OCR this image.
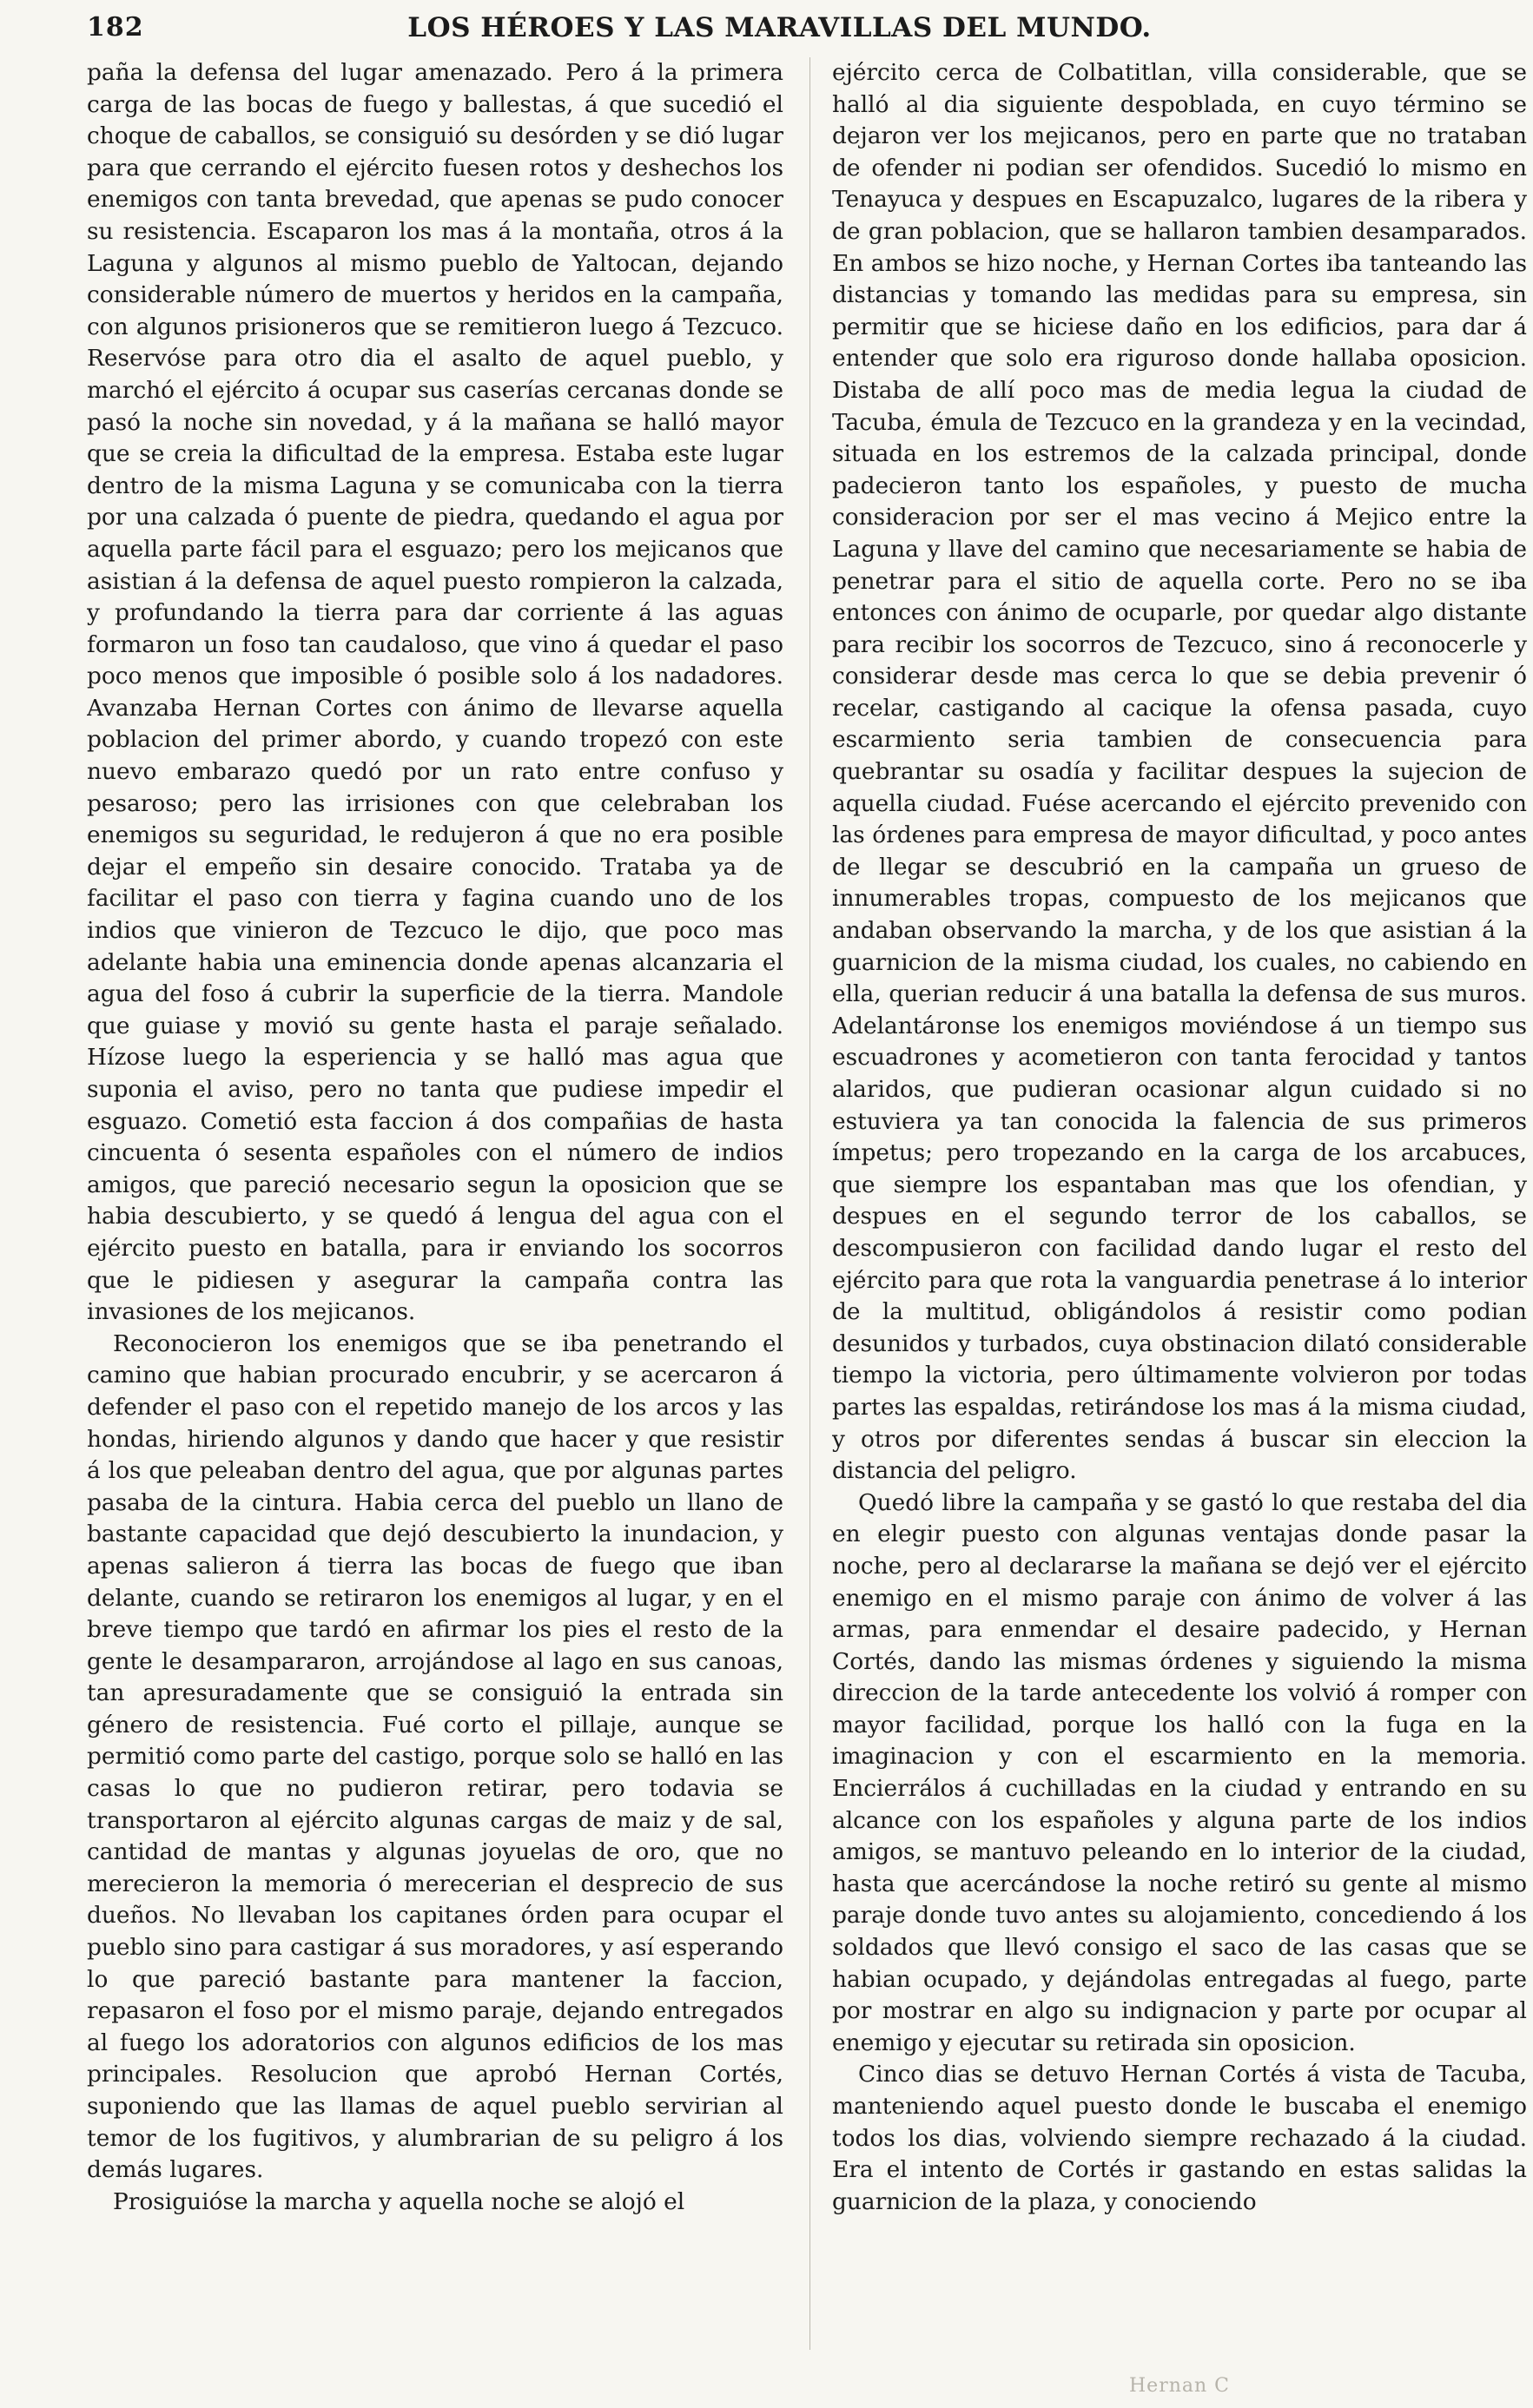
182	LOS HÉROES Y LAS MARAVILLAS DEL MUNDO.

paña la defensa del lugar amenazado. Pero á la primera carga de las bocas de fuego y ballestas, á que sucedió el choque de caballos, se consiguió su desórden y se dió lugar para que cerrando el ejército fuesen rotos y deshechos los enemigos con tanta brevedad, que apenas se pudo conocer su resistencia. Escaparon los mas á la montaña, otros á la Laguna y algunos al mismo pueblo de Yaltocan, dejando considerable número de muertos y heridos en la campaña, con algunos prisioneros que se remitieron luego á Tezcuco. Reservóse para otro dia el asalto de aquel pueblo, y marchó el ejército á ocupar sus caserías cercanas donde se pasó la noche sin novedad, y á la mañana se halló mayor que se creia la dificultad de la empresa. Estaba este lugar dentro de la misma Laguna y se comunicaba con la tierra por una calzada ó puente de piedra, quedando el agua por aquella parte fácil para el esguazo; pero los mejicanos que asistian á la defensa de aquel puesto rompieron la calzada, y profundando la tierra para dar corriente á las aguas formaron un foso tan caudaloso, que vino á quedar el paso poco menos que imposible ó posible solo á los nadadores. Avanzaba Hernan Cortes con ánimo de llevarse aquella poblacion del primer abordo, y cuando tropezó con este nuevo embarazo quedó por un rato entre confuso y pesaroso; pero las irrisiones con que celebraban los enemigos su seguridad, le redujeron á que no era posible dejar el empeño sin desaire conocido. Trataba ya de facilitar el paso con tierra y fagina cuando uno de los indios que vinieron de Tezcuco le dijo, que poco mas adelante habia una eminencia donde apenas alcanzaria el agua del foso á cubrir la superficie de la tierra. Mandole que guiase y movió su gente hasta el paraje señalado. Hízose luego la esperiencia y se halló mas agua que suponia el aviso, pero no tanta que pudiese impedir el esguazo. Cometió esta faccion á dos compañias de hasta cincuenta ó sesenta españoles con el número de indios amigos, que pareció necesario segun la oposicion que se habia descubierto, y se quedó á lengua del agua con el ejército puesto en batalla, para ir enviando los socorros que le pidiesen y asegurar la campaña contra las invasiones de los mejicanos.

Reconocieron los enemigos que se iba penetrando el camino que habian procurado encubrir, y se acercaron á defender el paso con el repetido manejo de los arcos y las hondas, hiriendo algunos y dando que hacer y que resistir á los que peleaban dentro del agua, que por algunas partes pasaba de la cintura. Habia cerca del pueblo un llano de bastante capacidad que dejó descubierto la inundacion, y apenas salieron á tierra las bocas de fuego que iban delante, cuando se retiraron los enemigos al lugar, y en el breve tiempo que tardó en afirmar los pies el resto de la gente le desampararon, arrojándose al lago en sus canoas, tan apresuradamente que se consiguió la entrada sin género de resistencia. Fué corto el pillaje, aunque se permitió como parte del castigo, porque solo se halló en las casas lo que no pudieron retirar, pero todavia se transportaron al ejército algunas cargas de maiz y de sal, cantidad de mantas y algunas joyuelas de oro, que no merecieron la memoria ó merecerian el desprecio de sus dueños. No llevaban los capitanes órden para ocupar el pueblo sino para castigar á sus moradores, y así esperando lo que pareció bastante para mantener la faccion, repasaron el foso por el mismo paraje, dejando entregados al fuego los adoratorios con algunos edificios de los mas principales. Resolucion que aprobó Hernan Cortés, suponiendo que las llamas de aquel pueblo servirian al temor de los fugitivos, y alumbrarian de su peligro á los demás lugares.

Prosiguióse la marcha y aquella noche se alojó el

ejército cerca de Colbatitlan, villa considerable, que se halló al dia siguiente despoblada, en cuyo término se dejaron ver los mejicanos, pero en parte que no trataban de ofender ni podian ser ofendidos. Sucedió lo mismo en Tenayuca y despues en Escapuzalco, lugares de la ribera y de gran poblacion, que se hallaron tambien desamparados. En ambos se hizo noche, y Hernan Cortes iba tanteando las distancias y tomando las medidas para su empresa, sin permitir que se hiciese daño en los edificios, para dar á entender que solo era riguroso donde hallaba oposicion. Distaba de allí poco mas de media legua la ciudad de Tacuba, émula de Tezcuco en la grandeza y en la vecindad, situada en los estremos de la calzada principal, donde padecieron tanto los españoles, y puesto de mucha consideracion por ser el mas vecino á Mejico entre la Laguna y llave del camino que necesariamente se habia de penetrar para el sitio de aquella corte. Pero no se iba entonces con ánimo de ocuparle, por quedar algo distante para recibir los socorros de Tezcuco, sino á reconocerle y considerar desde mas cerca lo que se debia prevenir ó recelar, castigando al cacique la ofensa pasada, cuyo escarmiento seria tambien de consecuencia para quebrantar su osadía y facilitar despues la sujecion de aquella ciudad. Fuése acercando el ejército prevenido con las órdenes para empresa de mayor dificultad, y poco antes de llegar se descubrió en la campaña un grueso de innumerables tropas, compuesto de los mejicanos que andaban observando la marcha, y de los que asistian á la guarnicion de la misma ciudad, los cuales, no cabiendo en ella, querian reducir á una batalla la defensa de sus muros. Adelantáronse los enemigos moviéndose á un tiempo sus escuadrones y acometieron con tanta ferocidad y tantos alaridos, que pudieran ocasionar algun cuidado si no estuviera ya tan conocida la falencia de sus primeros ímpetus; pero tropezando en la carga de los arcabuces, que siempre los espantaban mas que los ofendian, y despues en el segundo terror de los caballos, se descompusieron con facilidad dando lugar el resto del ejército para que rota la vanguardia penetrase á lo interior de la multitud, obligándolos á resistir como podian desunidos y turbados, cuya obstinacion dilató considerable tiempo la victoria, pero últimamente volvieron por todas partes las espaldas, retirándose los mas á la misma ciudad, y otros por diferentes sendas á buscar sin eleccion la distancia del peligro.

Quedó libre la campaña y se gastó lo que restaba del dia en elegir puesto con algunas ventajas donde pasar la noche, pero al declararse la mañana se dejó ver el ejército enemigo en el mismo paraje con ánimo de volver á las armas, para enmendar el desaire padecido, y Hernan Cortés, dando las mismas órdenes y siguiendo la misma direccion de la tarde antecedente los volvió á romper con mayor facilidad, porque los halló con la fuga en la imaginacion y con el escarmiento en la memoria. Encierrálos á cuchilladas en la ciudad y entrando en su alcance con los españoles y alguna parte de los indios amigos, se mantuvo peleando en lo interior de la ciudad, hasta que acercándose la noche retiró su gente al mismo paraje donde tuvo antes su alojamiento, concediendo á los soldados que llevó consigo el saco de las casas que se habian ocupado, y dejándolas entregadas al fuego, parte por mostrar en algo su indignacion y parte por ocupar al enemigo y ejecutar su retirada sin oposicion.

Cinco dias se detuvo Hernan Cortés á vista de Tacuba, manteniendo aquel puesto donde le buscaba el enemigo todos los dias, volviendo siempre rechazado á la ciudad. Era el intento de Cortés ir gastando en estas salidas la guarnicion de la plaza, y conociendo

Hernan C
